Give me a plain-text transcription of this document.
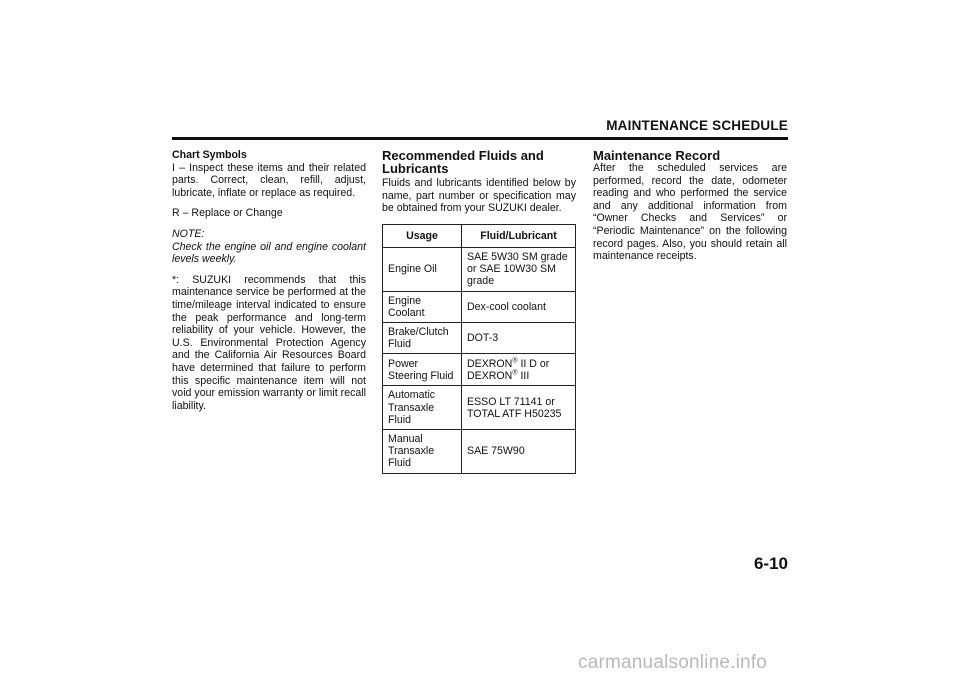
MAINTENANCE SCHEDULE
Chart Symbols

I – Inspect these items and their related parts. Correct, clean, refill, adjust, lubricate, inflate or replace as required.

R – Replace or Change

NOTE:

Check the engine oil and engine coolant levels weekly.

*: SUZUKI recommends that this maintenance service be performed at the time/mileage interval indicated to ensure the peak performance and long-term reliability of your vehicle. However, the U.S. Environmental Protection Agency and the California Air Resources Board have determined that failure to perform this specific maintenance item will not void your emission warranty or limit recall liability.

Recommended Fluids and Lubricants

Fluids and lubricants identified below by name, part number or specification may be obtained from your SUZUKI dealer.

Usage	Fluid/Lubricant
Engine Oil	SAE 5W30 SM grade or SAE 10W30 SM grade
Engine Coolant	Dex-cool coolant
Brake/Clutch Fluid	DOT-3
Power Steering Fluid	DEXRON® II D or
DEXRON® III
Automatic Transaxle Fluid	ESSO LT 71141 or TOTAL ATF H50235
Manual Transaxle Fluid	SAE 75W90
Maintenance Record

After the scheduled services are performed, record the date, odometer reading and who performed the service and any additional information from “Owner Checks and Services” or “Periodic Maintenance” on the following record pages. Also, you should retain all maintenance receipts.

6-10
carmanualsonline.info
